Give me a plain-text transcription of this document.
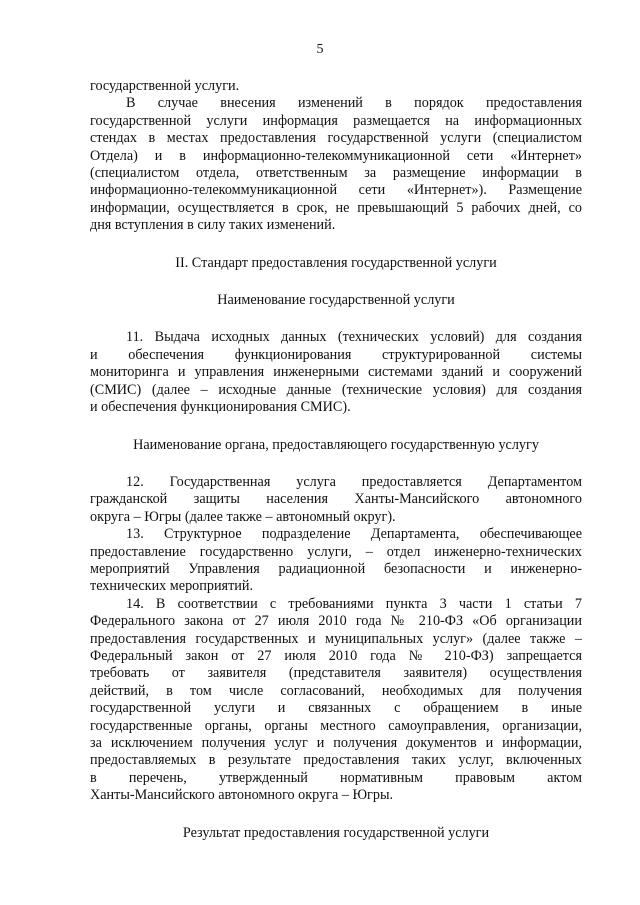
5
государственной услуги.
В случае внесения изменений в порядок предоставления
государственной услуги информация размещается на информационных
стендах в местах предоставления государственной услуги (специалистом
Отдела) и в информационно-телекоммуникационной сети «Интернет»
(специалистом отдела, ответственным за размещение информации в
информационно-телекоммуникационной сети «Интернет»). Размещение
информации, осуществляется в срок, не превышающий 5 рабочих дней, со
дня вступления в силу таких изменений.
II. Стандарт предоставления государственной услуги
Наименование государственной услуги
11. Выдача исходных данных (технических условий) для создания
и обеспечения функционирования структурированной системы
мониторинга и управления инженерными системами зданий и сооружений
(СМИС) (далее – исходные данные (технические условия) для создания
и обеспечения функционирования СМИС).
Наименование органа, предоставляющего государственную услугу
12. Государственная услуга предоставляется Департаментом
гражданской защиты населения Ханты-Мансийского автономного
округа – Югры (далее также – автономный округ).
13. Структурное подразделение Департамента, обеспечивающее
предоставление государственно услуги, – отдел инженерно-технических
мероприятий Управления радиационной безопасности и инженерно-
технических мероприятий.
14. В соответствии с требованиями пункта 3 части 1 статьи 7
Федерального закона от 27 июля 2010 года № 210-ФЗ «Об организации
предоставления государственных и муниципальных услуг» (далее также –
Федеральный закон от 27 июля 2010 года № 210-ФЗ) запрещается
требовать от заявителя (представителя заявителя) осуществления
действий, в том числе согласований, необходимых для получения
государственной услуги и связанных с обращением в иные
государственные органы, органы местного самоуправления, организации,
за исключением получения услуг и получения документов и информации,
предоставляемых в результате предоставления таких услуг, включенных
в перечень, утвержденный нормативным правовым актом
Ханты-Мансийского автономного округа – Югры.
Результат предоставления государственной услуги
